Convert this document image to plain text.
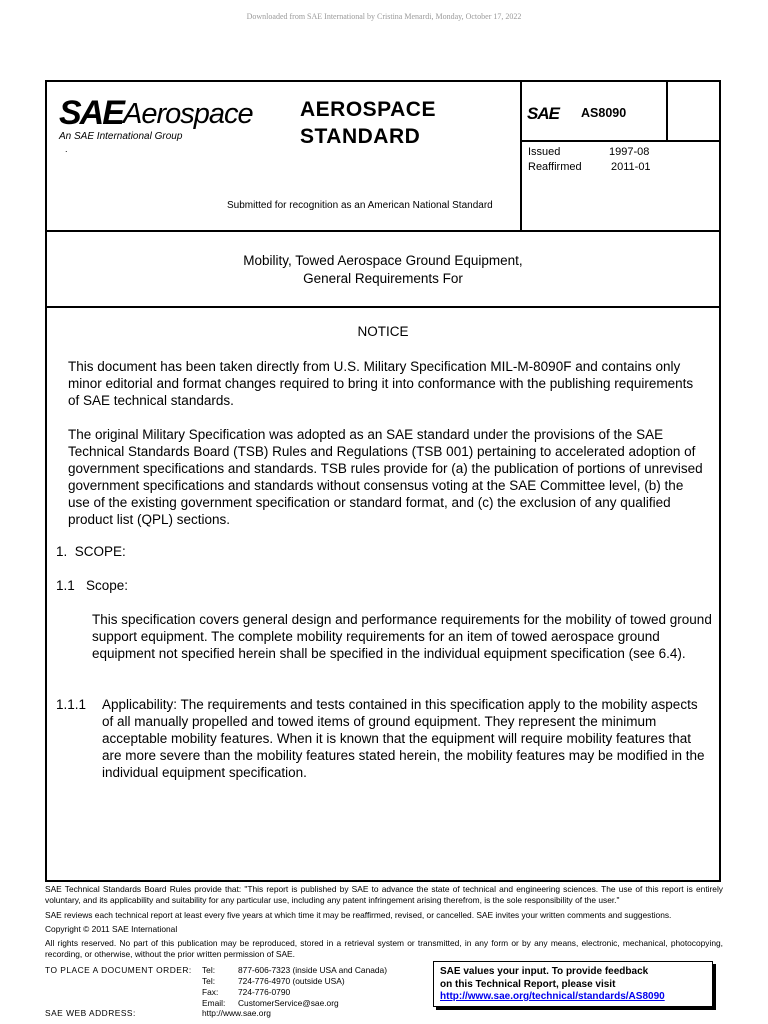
Downloaded from SAE International by Cristina Menardi, Monday, October 17, 2022
SAE Aerospace
An SAE International Group
.
AEROSPACE
STANDARD
Submitted for recognition as an American National Standard
SAE AS8090
Issued	1997-08
Reaffirmed	2011-01
Mobility, Towed Aerospace Ground Equipment,
General Requirements For
NOTICE
This document has been taken directly from U.S. Military Specification MIL-M-8090F and contains only minor editorial and format changes required to bring it into conformance with the publishing requirements of SAE technical standards.
The original Military Specification was adopted as an SAE standard under the provisions of the SAE Technical Standards Board (TSB) Rules and Regulations (TSB 001) pertaining to accelerated adoption of government specifications and standards. TSB rules provide for (a) the publication of portions of unrevised government specifications and standards without consensus voting at the SAE Committee level, (b) the use of the existing government specification or standard format, and (c) the exclusion of any qualified product list (QPL) sections.
1.  SCOPE:
1.1   Scope:
This specification covers general design and performance requirements for the mobility of towed ground support equipment. The complete mobility requirements for an item of towed aerospace ground equipment not specified herein shall be specified in the individual equipment specification (see 6.4).
1.1.1 Applicability: The requirements and tests contained in this specification apply to the mobility aspects of all manually propelled and towed items of ground equipment. They represent the minimum acceptable mobility features. When it is known that the equipment will require mobility features that are more severe than the mobility features stated herein, the mobility features may be modified in the individual equipment specification.
SAE Technical Standards Board Rules provide that: "This report is published by SAE to advance the state of technical and engineering sciences. The use of this report is entirely voluntary, and its applicability and suitability for any particular use, including any patent infringement arising therefrom, is the sole responsibility of the user."
SAE reviews each technical report at least every five years at which time it may be reaffirmed, revised, or cancelled. SAE invites your written comments and suggestions.
Copyright © 2011 SAE International
All rights reserved. No part of this publication may be reproduced, stored in a retrieval system or transmitted, in any form or by any means, electronic, mechanical, photocopying, recording, or otherwise, without the prior written permission of SAE.
TO PLACE A DOCUMENT ORDER: Tel:	877-606-7323 (inside USA and Canada)
Tel:	724-776-4970 (outside USA)
Fax: 724-776-0790
Email: CustomerService@sae.org
SAE WEB ADDRESS:	http://www.sae.org
SAE values your input. To provide feedback
on this Technical Report, please visit
http://www.sae.org/technical/standards/AS8090
